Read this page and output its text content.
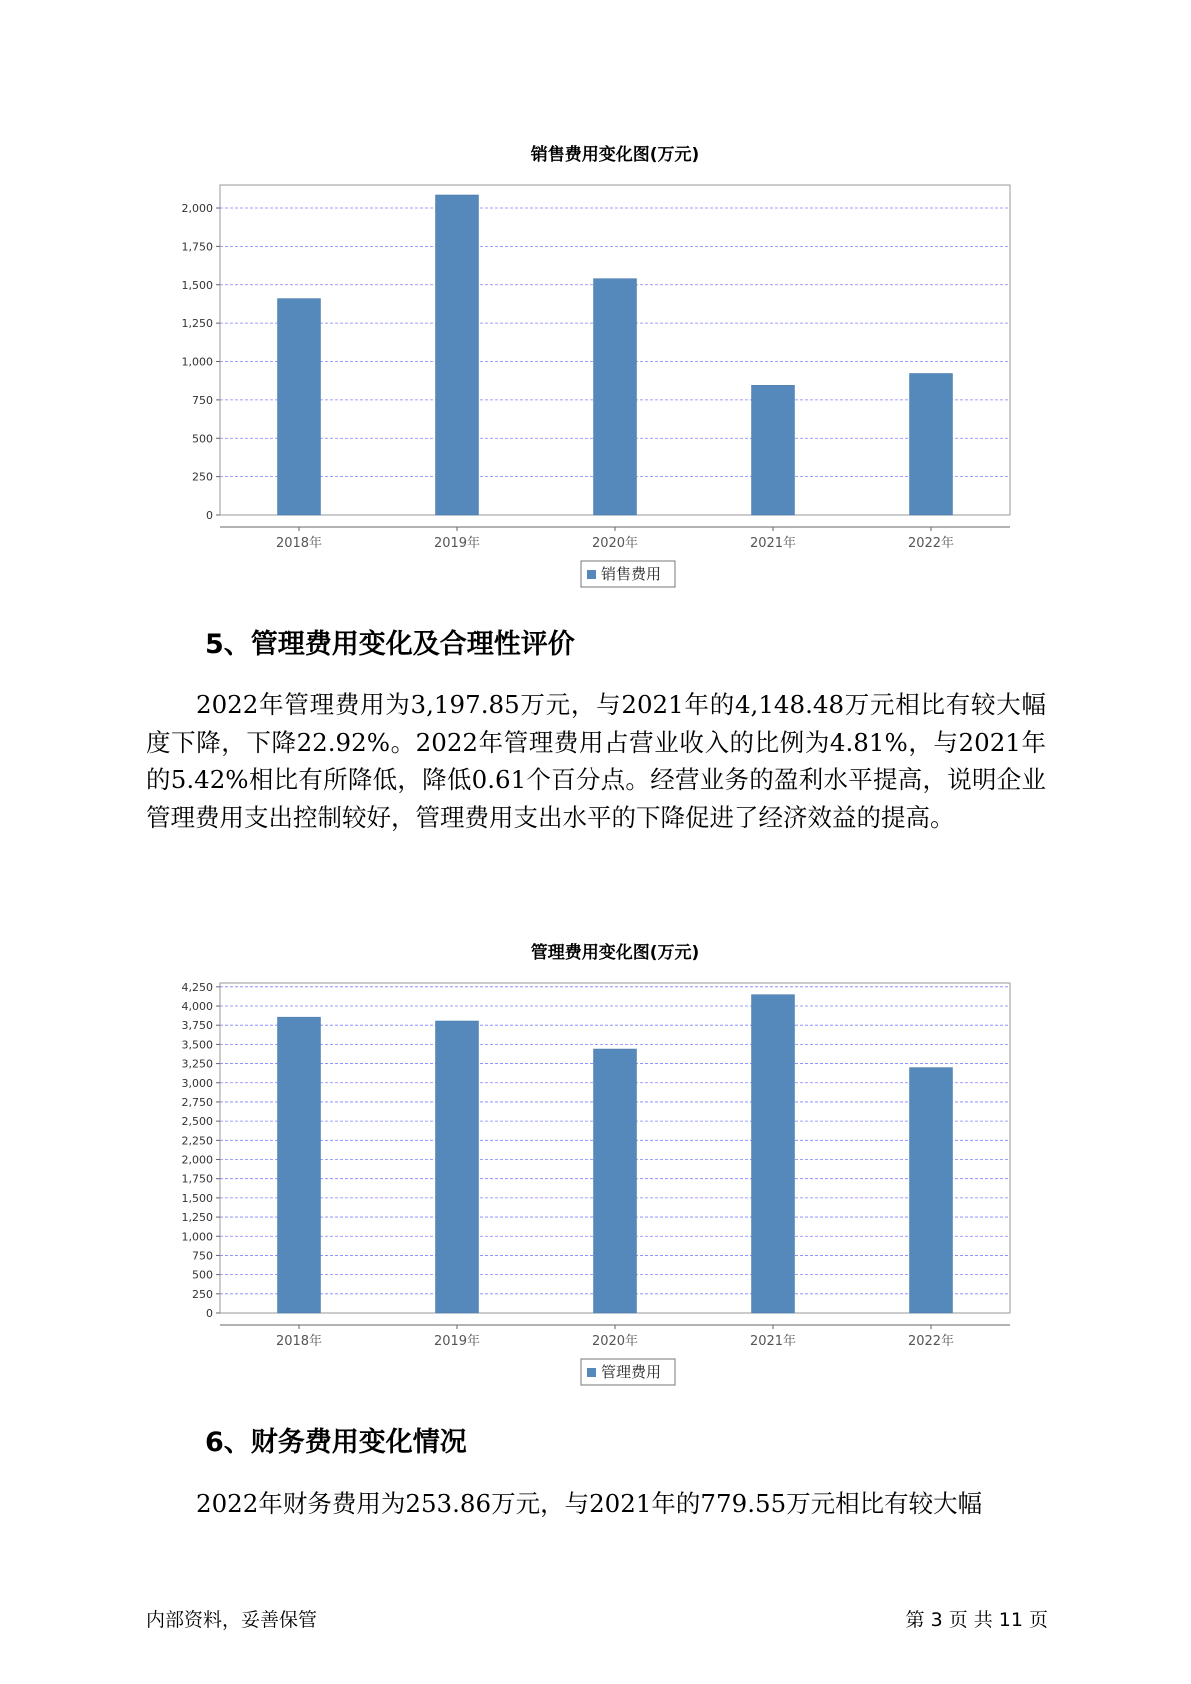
销售费用变化图(万元)
0
250
500
750
1,000
1,250
1,500
1,750
2,000
2018年	2019年	2020年	2021年	2022年
销售费用
5、管理费用变化及合理性评价

2022年管理费用为3,197.85万元，与2021年的4,148.48万元相比有较大幅度下降，下降22.92%。2022年管理费用占营业收入的比例为4.81%，与2021年的5.42%相比有所降低，降低0.61个百分点。经营业务的盈利水平提高，说明企业管理费用支出控制较好，管理费用支出水平的下降促进了经济效益的提高。

管理费用变化图(万元)
0
250
500
750
1,000
1,250
1,500
1,750
2,000
2,250
2,500
2,750
3,000
3,250
3,500
3,750
4,000
4,250
2018年	2019年	2020年	2021年	2022年
管理费用
6、财务费用变化情况

2022年财务费用为253.86万元，与2021年的779.55万元相比有较大幅

内部资料，妥善保管	第 3 页 共 11 页
